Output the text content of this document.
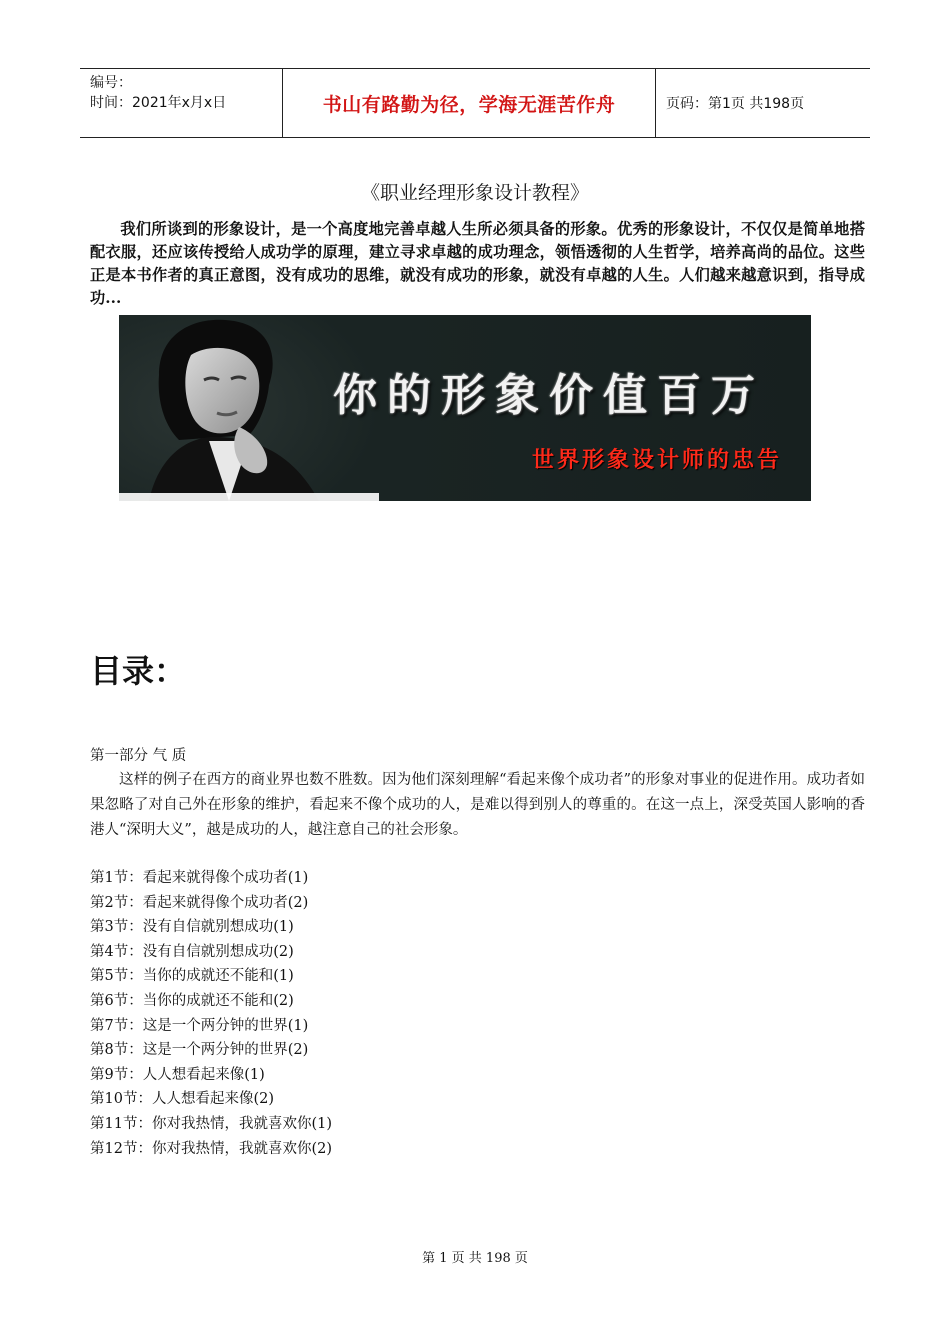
编号：
时间：2021年x月x日	书山有路勤为径，学海无涯苦作舟	页码：第1页 共198页
《职业经理形象设计教程》
我们所谈到的形象设计，是一个高度地完善卓越人生所必须具备的形象。优秀的形象设计，不仅仅是简单地搭配衣服，还应该传授给人成功学的原理，建立寻求卓越的成功理念，领悟透彻的人生哲学，培养高尚的品位。这些正是本书作者的真正意图，没有成功的思维，就没有成功的形象，就没有卓越的人生。人们越来越意识到，指导成功...
你的形象价值百万
世界形象设计师的忠告
目录：
第一部分 气 质
这样的例子在西方的商业界也数不胜数。因为他们深刻理解“看起来像个成功者”的形象对事业的促进作用。成功者如果忽略了对自己外在形象的维护，看起来不像个成功的人，是难以得到别人的尊重的。在这一点上，深受英国人影响的香港人“深明大义”，越是成功的人，越注意自己的社会形象。
第1节：看起来就得像个成功者(1)
第2节：看起来就得像个成功者(2)
第3节：没有自信就别想成功(1)
第4节：没有自信就别想成功(2)
第5节：当你的成就还不能和(1)
第6节：当你的成就还不能和(2)
第7节：这是一个两分钟的世界(1)
第8节：这是一个两分钟的世界(2)
第9节：人人想看起来像(1)
第10节：人人想看起来像(2)
第11节：你对我热情，我就喜欢你(1)
第12节：你对我热情，我就喜欢你(2)
第 1 页 共 198 页
